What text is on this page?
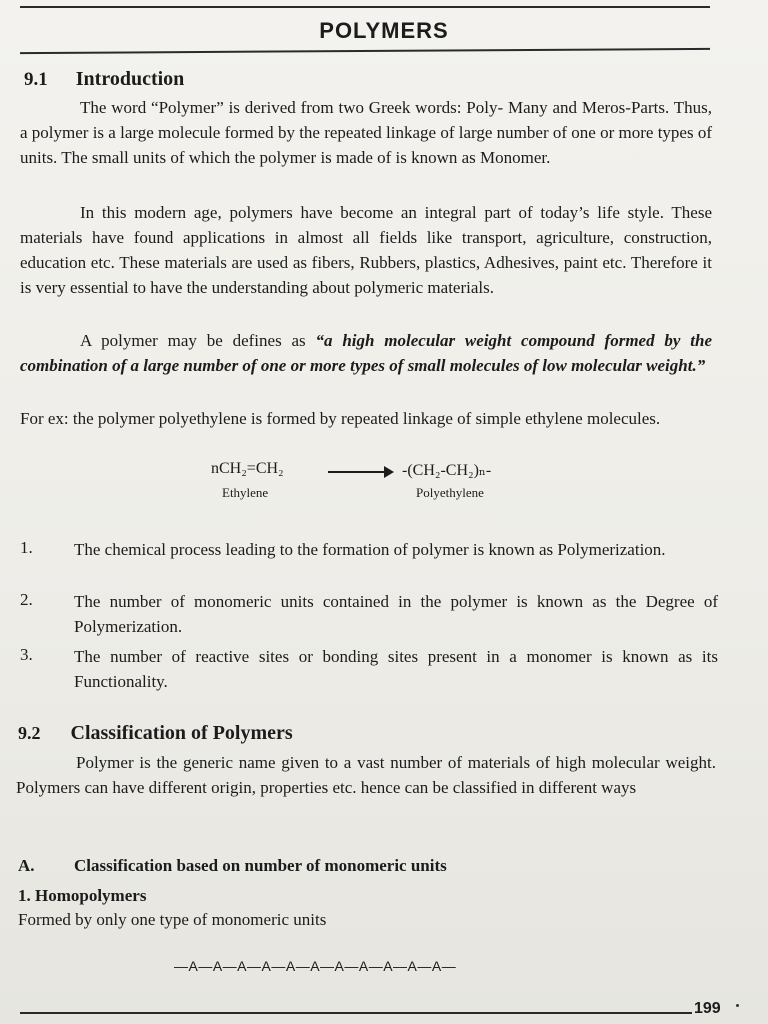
POLYMERS
9.1 Introduction
The word “Polymer” is derived from two Greek words: Poly- Many and Meros-Parts. Thus, a polymer is a large molecule formed by the repeated linkage of large number of one or more types of units. The small units of which the polymer is made of is known as Monomer.
In this modern age, polymers have become an integral part of today’s life style. These materials have found applications in almost all fields like transport, agriculture, construction, education etc. These materials are used as fibers, Rubbers, plastics, Adhesives, paint etc. Therefore it is very essential to have the understanding about polymeric materials.
A polymer may be defines as “a high molecular weight compound formed by the combination of a large number of one or more types of small molecules of low molecular weight.”
For ex: the polymer polyethylene is formed by repeated linkage of simple ethylene molecules.
nCH₂=CH₂	-(CH₂-CH₂)ₙ-
Ethylene	Polyethylene
1. The chemical process leading to the formation of polymer is known as Polymerization.
2. The number of monomeric units contained in the polymer is known as the Degree of Polymerization.
3. The number of reactive sites or bonding sites present in a monomer is known as its Functionality.
9.2 Classification of Polymers
Polymer is the generic name given to a vast number of materials of high molecular weight. Polymers can have different origin, properties etc. hence can be classified in different ways
A. Classification based on number of monomeric units
1. Homopolymers
Formed by only one type of monomeric units
—A—A—A—A—A—A—A—A—A—A—A—
199
